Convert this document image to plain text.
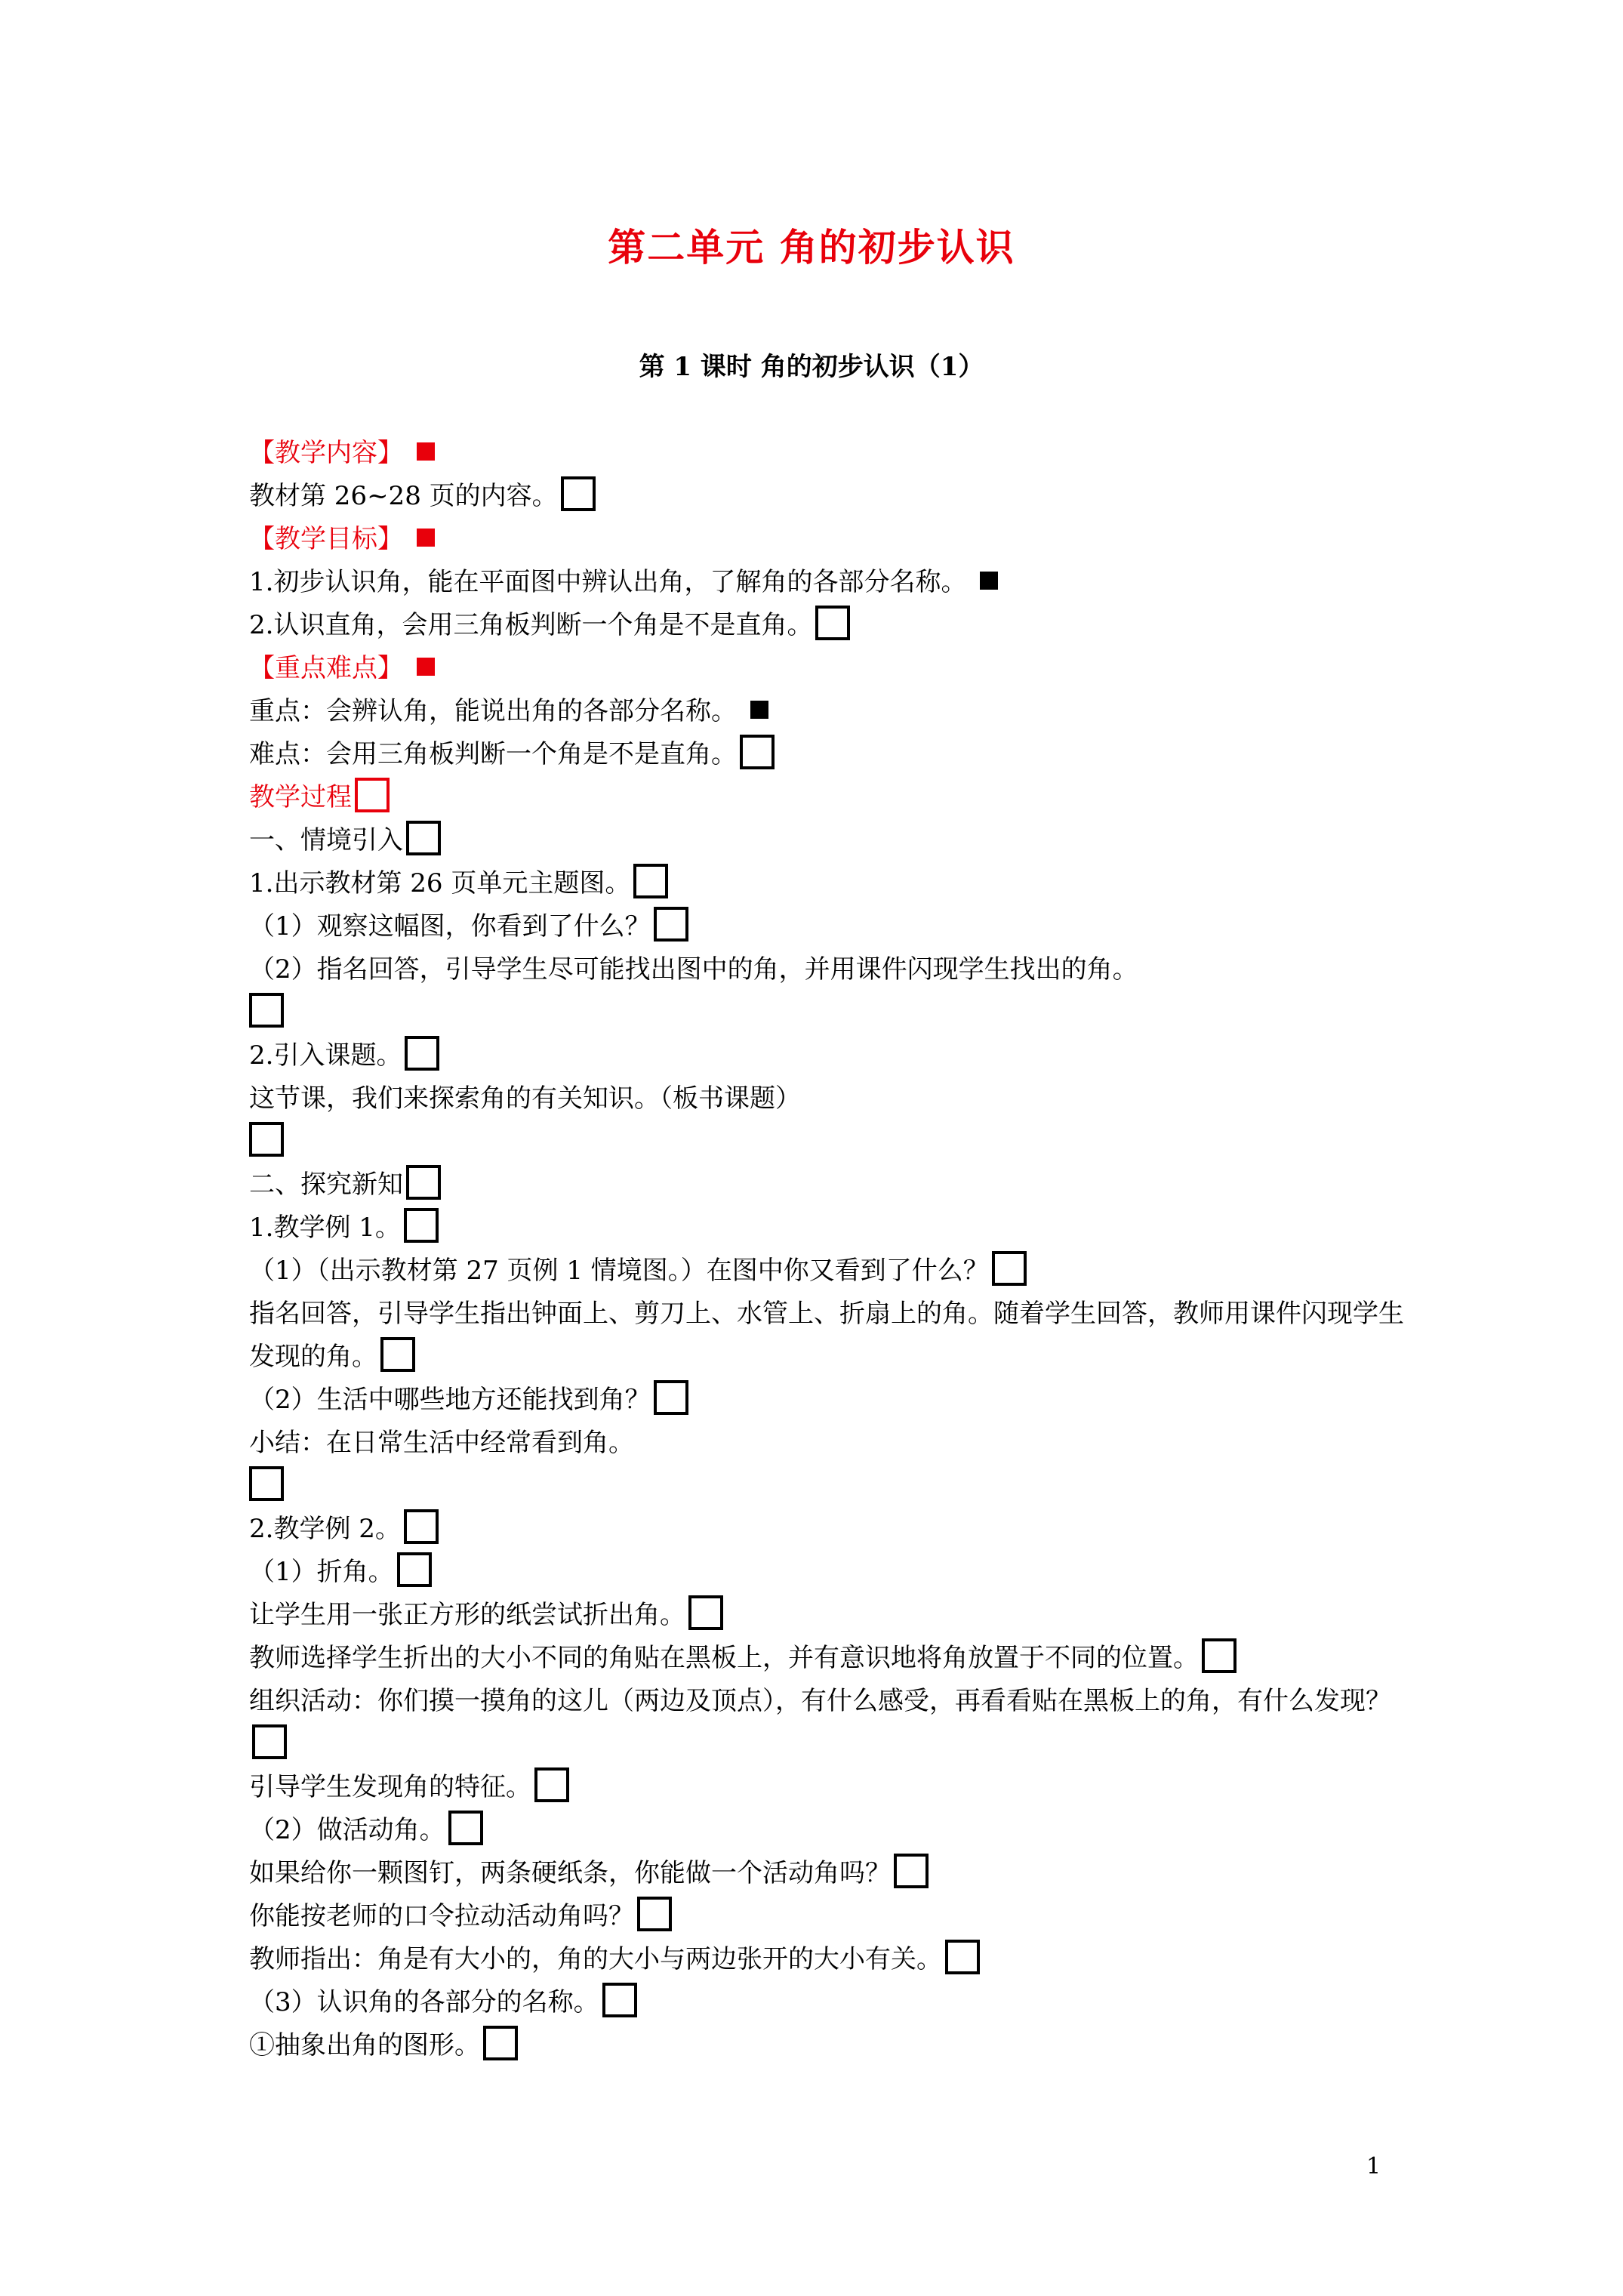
第二单元 角的初步认识
第 1 课时 角的初步认识（1）
【教学内容】
教材第 26~28 页的内容。
【教学目标】
1.初步认识角，能在平面图中辨认出角，了解角的各部分名称。
2.认识直角，会用三角板判断一个角是不是直角。
【重点难点】
重点：会辨认角，能说出角的各部分名称。
难点：会用三角板判断一个角是不是直角。
教学过程
一、情境引入
1.出示教材第 26 页单元主题图。
（1）观察这幅图，你看到了什么？
（2）指名回答，引导学生尽可能找出图中的角，并用课件闪现学生找出的角。
2.引入课题。
这节课，我们来探索角的有关知识。（板书课题）
二、探究新知
1.教学例 1。
（1）（出示教材第 27 页例 1 情境图。）在图中你又看到了什么？
指名回答，引导学生指出钟面上、剪刀上、水管上、折扇上的角。随着学生回答，教师用课件闪现学生发现的角。
（2）生活中哪些地方还能找到角？
小结：在日常生活中经常看到角。
2.教学例 2。
（1）折角。
让学生用一张正方形的纸尝试折出角。
教师选择学生折出的大小不同的角贴在黑板上，并有意识地将角放置于不同的位置。
组织活动：你们摸一摸角的这儿（两边及顶点），有什么感受，再看看贴在黑板上的角，有什么发现？
引导学生发现角的特征。
（2）做活动角。
如果给你一颗图钉，两条硬纸条，你能做一个活动角吗？
你能按老师的口令拉动活动角吗？
教师指出：角是有大小的，角的大小与两边张开的大小有关。
（3）认识角的各部分的名称。
①抽象出角的图形。
1
